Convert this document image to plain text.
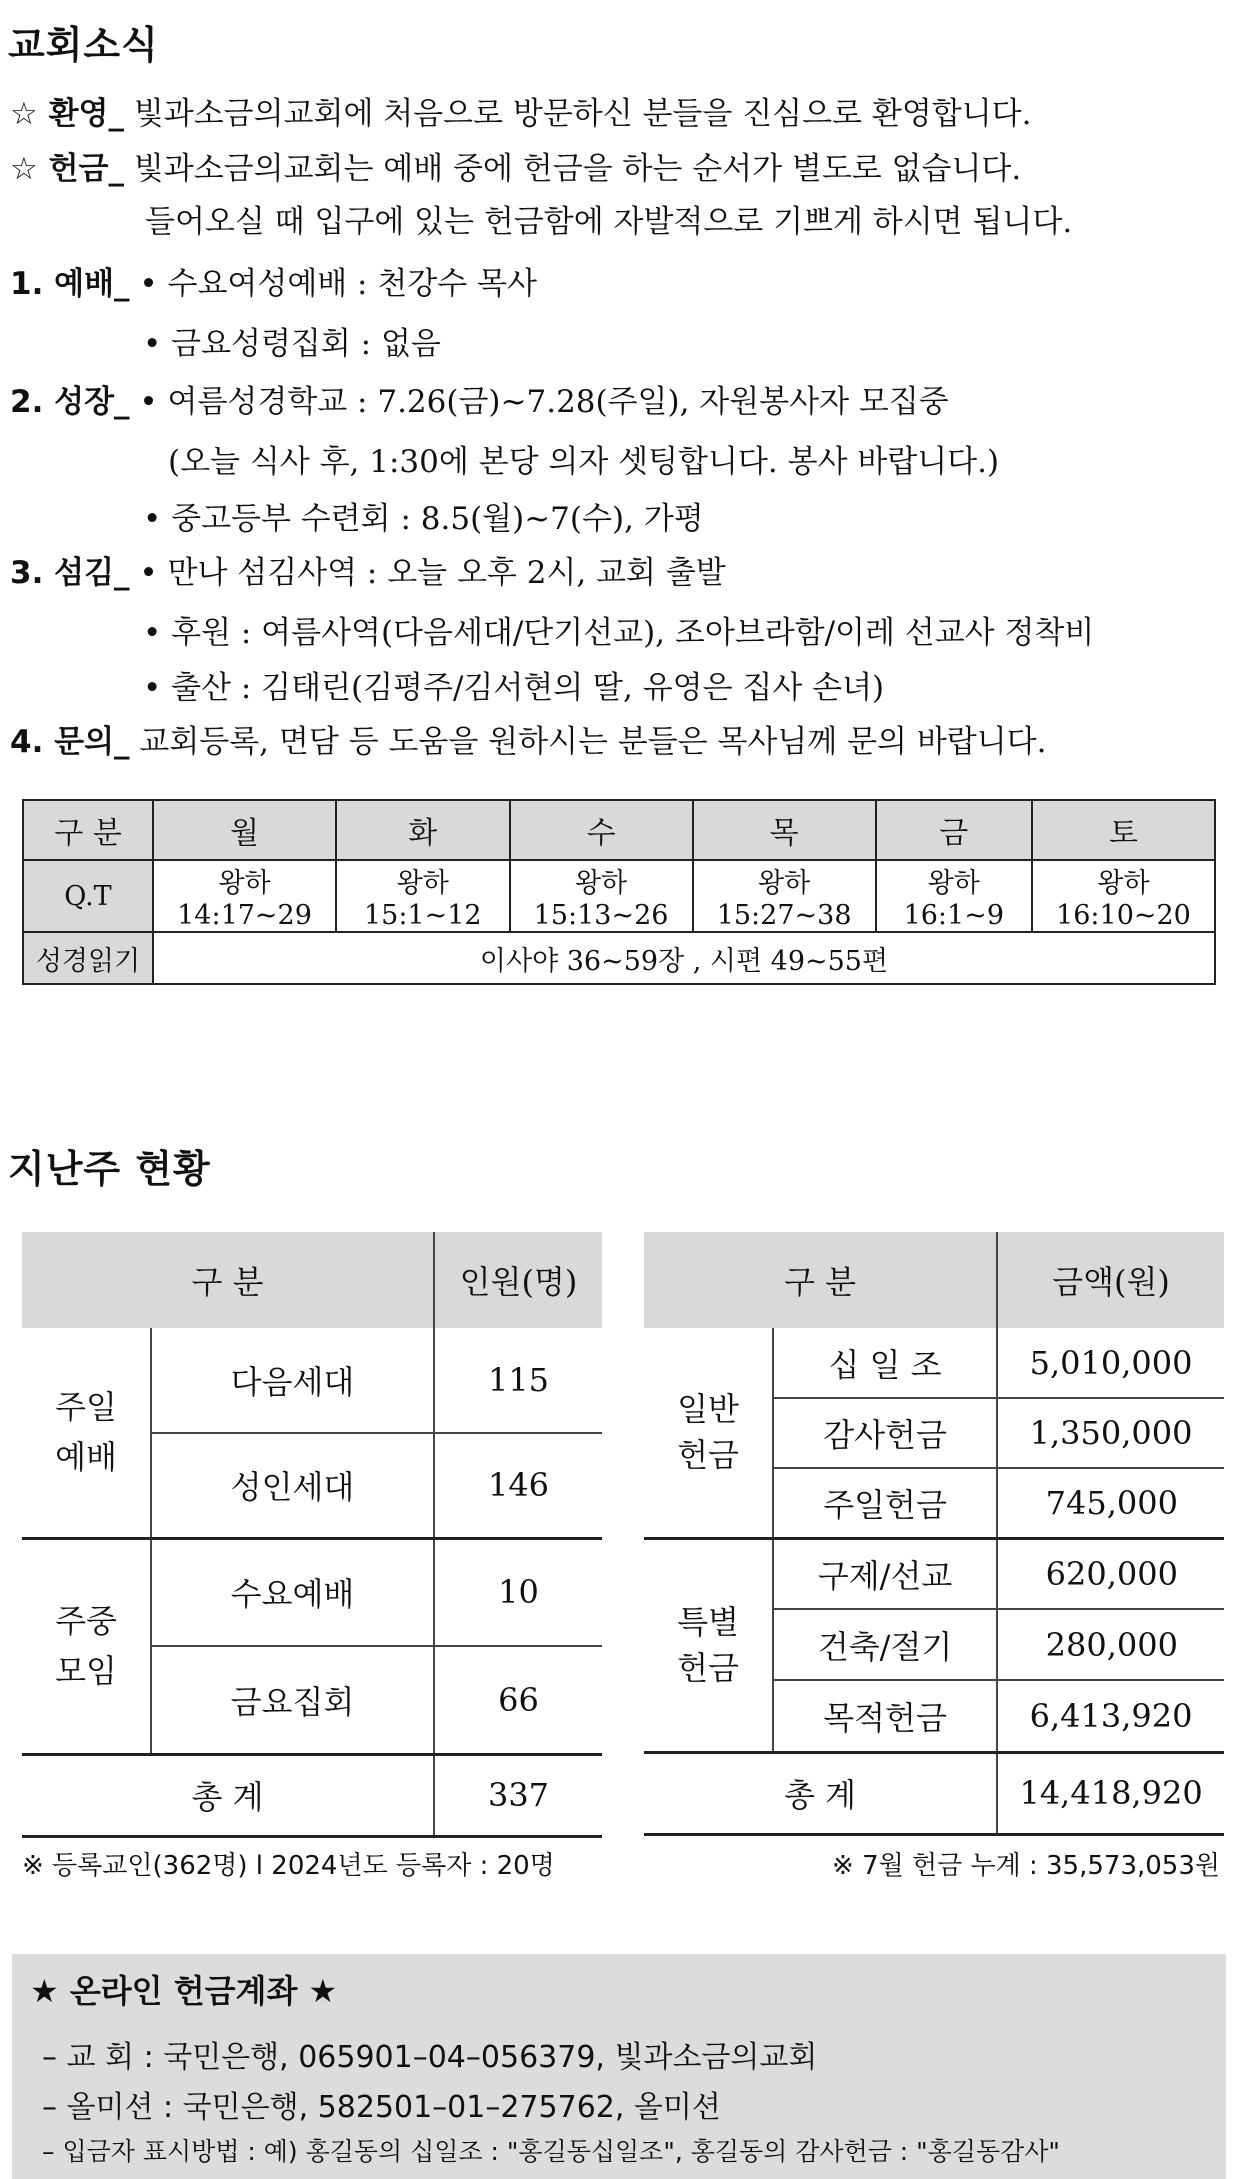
교회소식
☆ 환영_ 빛과소금의교회에 처음으로 방문하신 분들을 진심으로 환영합니다.
☆ 헌금_ 빛과소금의교회는 예배 중에 헌금을 하는 순서가 별도로 없습니다.
들어오실 때 입구에 있는 헌금함에 자발적으로 기쁘게 하시면 됩니다.
1. 예배_ • 수요여성예배 : 천강수 목사
• 금요성령집회 : 없음
2. 성장_ • 여름성경학교 : 7.26(금)~7.28(주일), 자원봉사자 모집중
(오늘 식사 후, 1:30에 본당 의자 셋팅합니다. 봉사 바랍니다.)
• 중고등부 수련회 : 8.5(월)~7(수), 가평
3. 섬김_ • 만나 섬김사역 : 오늘 오후 2시, 교회 출발
• 후원 : 여름사역(다음세대/단기선교), 조아브라함/이레 선교사 정착비
• 출산 : 김태린(김평주/김서현의 딸, 유영은 집사 손녀)
4. 문의_ 교회등록, 면담 등 도움을 원하시는 분들은 목사님께 문의 바랍니다.
구 분	월	화	수	목	금	토
Q.T	왕하14:17~29	왕하 15:1~12	왕하15:13~26	왕하15:27~38	왕하 16:1~9	왕하16:10~20
성경읽기	이사야 36~59장 , 시편 49~55편					
지난주 현황
구 분		인원(명)
주일
예배	다음세대	115
	성인세대	146
주중
모임	수요예배	10
	금요집회	66
총 계		337
구 분		금액(원)
일반
헌금	십 일 조	5,010,000
	감사헌금	1,350,000
	주일헌금	745,000
특별
헌금	구제/선교	620,000
	건축/절기	280,000
	목적헌금	6,413,920
총 계		14,418,920
※ 등록교인(362명) l 2024년도 등록자 : 20명	※ 7월 헌금 누계 : 35,573,053원
★ 온라인 헌금계좌 ★
– 교 회 : 국민은행, 065901–04–056379, 빛과소금의교회
– 올미션 : 국민은행, 582501–01–275762, 올미션
– 입금자 표시방법 : 예) 홍길동의 십일조 : "홍길동십일조", 홍길동의 감사헌금 : "홍길동감사"
